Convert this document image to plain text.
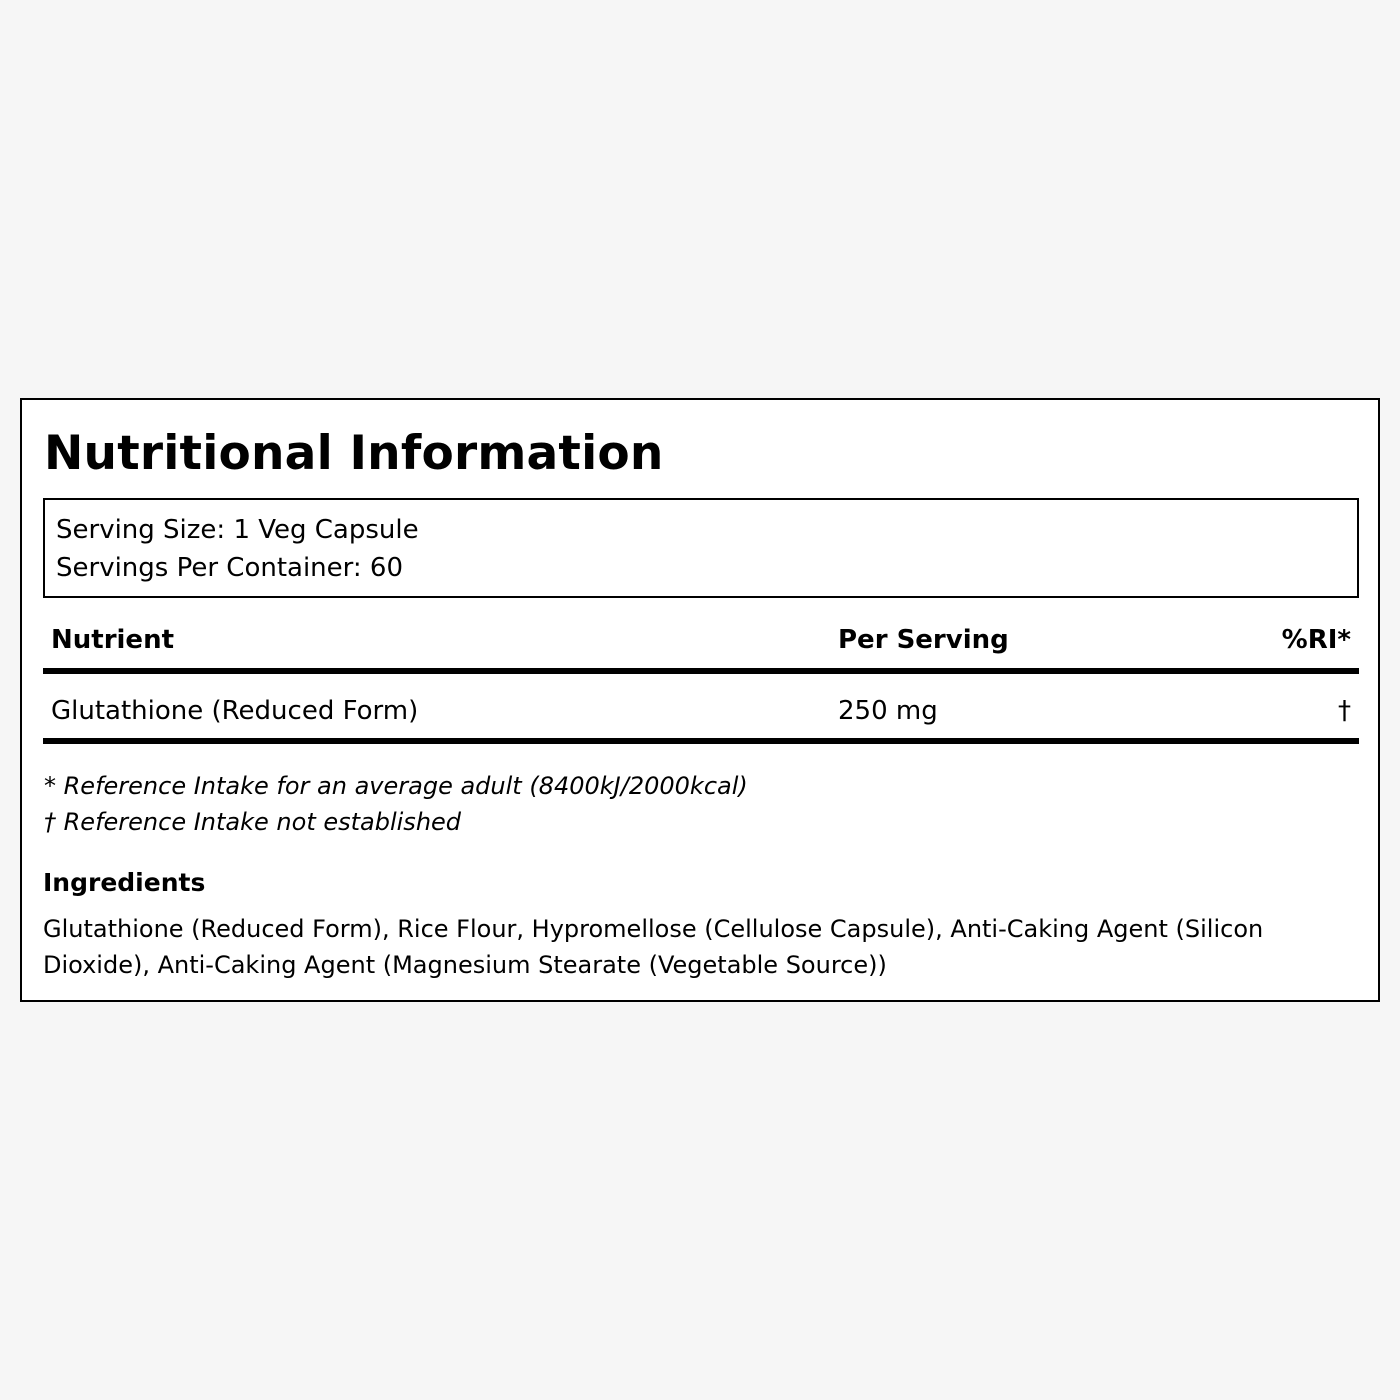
Nutritional Information
Serving Size: 1 Veg Capsule
Servings Per Container: 60
Nutrient	Per Serving	%RI*
Glutathione (Reduced Form)	250 mg	†
* Reference Intake for an average adult (8400kJ/2000kcal)
† Reference Intake not established
Ingredients

Glutathione (Reduced Form), Rice Flour, Hypromellose (Cellulose Capsule), Anti-Caking Agent (Silicon Dioxide), Anti-Caking Agent (Magnesium Stearate (Vegetable Source))
